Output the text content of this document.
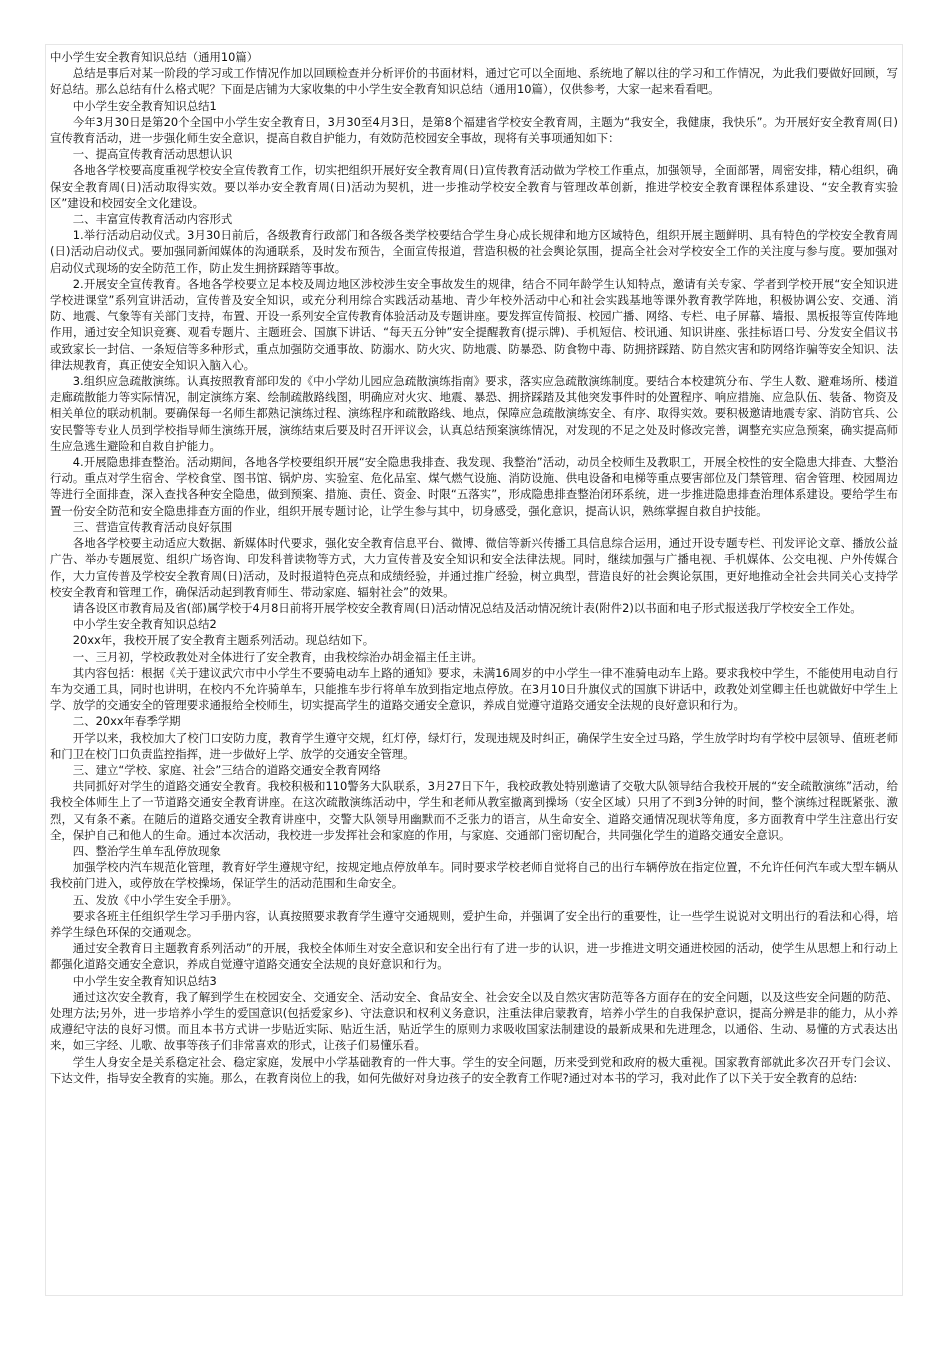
中小学生安全教育知识总结（通用10篇）

总结是事后对某一阶段的学习或工作情况作加以回顾检查并分析评价的书面材料，通过它可以全面地、系统地了解以往的学习和工作情况，为此我们要做好回顾，写好总结。那么总结有什么格式呢？下面是店铺为大家收集的中小学生安全教育知识总结（通用10篇），仅供参考，大家一起来看看吧。

中小学生安全教育知识总结1

今年3月30日是第20个全国中小学生安全教育日，3月30至4月3日，是第8个福建省学校安全教育周，主题为“我安全，我健康，我快乐”。为开展好安全教育周(日)宣传教育活动，进一步强化师生安全意识，提高自救自护能力，有效防范校园安全事故，现将有关事项通知如下：

一、提高宣传教育活动思想认识

各地各学校要高度重视学校安全宣传教育工作，切实把组织开展好安全教育周(日)宣传教育活动做为学校工作重点，加强领导，全面部署，周密安排，精心组织，确保安全教育周(日)活动取得实效。要以举办安全教育周(日)活动为契机，进一步推动学校安全教育与管理改革创新，推进学校安全教育课程体系建设、“安全教育实验区”建设和校园安全文化建设。

二、丰富宣传教育活动内容形式

1.举行活动启动仪式。3月30日前后，各级教育行政部门和各级各类学校要结合学生身心成长规律和地方区域特色，组织开展主题鲜明、具有特色的学校安全教育周(日)活动启动仪式。要加强同新闻媒体的沟通联系，及时发布预告，全面宣传报道，营造积极的社会舆论氛围，提高全社会对学校安全工作的关注度与参与度。要加强对启动仪式现场的安全防范工作，防止发生拥挤踩踏等事故。

2.开展安全宣传教育。各地各学校要立足本校及周边地区涉校涉生安全事故发生的规律，结合不同年龄学生认知特点，邀请有关专家、学者到学校开展“安全知识进学校进课堂”系列宣讲活动，宣传普及安全知识，或充分利用综合实践活动基地、青少年校外活动中心和社会实践基地等课外教育教学阵地，积极协调公安、交通、消防、地震、气象等有关部门支持，布置、开设一系列安全宣传教育体验活动及专题讲座。要发挥宣传简报、校园广播、网络、专栏、电子屏幕、墙报、黑板报等宣传阵地作用，通过安全知识竞赛、观看专题片、主题班会、国旗下讲话、“每天五分钟”安全提醒教育(提示牌)、手机短信、校讯通、知识讲座、张挂标语口号、分发安全倡议书或致家长一封信、一条短信等多种形式，重点加强防交通事故、防溺水、防火灾、防地震、防暴恐、防食物中毒、防拥挤踩踏、防自然灾害和防网络诈骗等安全知识、法律法规教育，真正使安全知识入脑入心。

3.组织应急疏散演练。认真按照教育部印发的《中小学幼儿园应急疏散演练指南》要求，落实应急疏散演练制度。要结合本校建筑分布、学生人数、避难场所、楼道走廊疏散能力等实际情况，制定演练方案、绘制疏散路线图，明确应对火灾、地震、暴恐、拥挤踩踏及其他突发事件时的处置程序、响应措施、应急队伍、装备、物资及相关单位的联动机制。要确保每一名师生都熟记演练过程、演练程序和疏散路线、地点，保障应急疏散演练安全、有序、取得实效。要积极邀请地震专家、消防官兵、公安民警等专业人员到学校指导师生演练开展，演练结束后要及时召开评议会，认真总结预案演练情况，对发现的不足之处及时修改完善，调整充实应急预案，确实提高师生应急逃生避险和自救自护能力。

4.开展隐患排查整治。活动期间，各地各学校要组织开展“安全隐患我排查、我发现、我整治”活动，动员全校师生及教职工，开展全校性的安全隐患大排查、大整治行动。重点对学生宿舍、学校食堂、图书馆、锅炉房、实验室、危化品室、煤气燃气设施、消防设施、供电设备和电梯等重点要害部位及门禁管理、宿舍管理、校园周边等进行全面排查，深入查找各种安全隐患，做到预案、措施、责任、资金、时限“五落实”，形成隐患排查整治闭环系统，进一步推进隐患排查治理体系建设。要给学生布置一份安全防范和安全隐患排查方面的作业，组织开展专题讨论，让学生参与其中，切身感受，强化意识，提高认识，熟练掌握自救自护技能。

三、营造宣传教育活动良好氛围

各地各学校要主动适应大数据、新媒体时代要求，强化安全教育信息平台、微博、微信等新兴传播工具信息综合运用，通过开设专题专栏、刊发评论文章、播放公益广告、举办专题展览、组织广场咨询、印发科普读物等方式，大力宣传普及安全知识和安全法律法规。同时，继续加强与广播电视、手机媒体、公交电视、户外传媒合作，大力宣传普及学校安全教育周(日)活动，及时报道特色亮点和成绩经验，并通过推广经验，树立典型，营造良好的社会舆论氛围，更好地推动全社会共同关心支持学校安全教育和管理工作，确保活动起到教育师生、带动家庭、辐射社会”的效果。

请各设区市教育局及省(部)属学校于4月8日前将开展学校安全教育周(日)活动情况总结及活动情况统计表(附件2)以书面和电子形式报送我厅学校安全工作处。

中小学生安全教育知识总结2

20xx年，我校开展了安全教育主题系列活动。现总结如下。

一、三月初，学校政教处对全体进行了安全教育，由我校综治办胡金福主任主讲。

其内容包括：根据《关于建议武穴市中小学生不要骑电动车上路的通知》要求，未满16周岁的中小学生一律不准骑电动车上路。要求我校中学生，不能使用电动自行车为交通工具，同时也讲明，在校内不允许骑单车，只能推车步行将单车放到指定地点停放。在3月10日升旗仪式的国旗下讲话中，政教处刘堂卿主任也就做好中学生上学、放学的交通安全的管理要求通报给全校师生，切实提高学生的道路交通安全意识，养成自觉遵守道路交通安全法规的良好意识和行为。

二、20xx年春季学期

开学以来，我校加大了校门口安防力度，教育学生遵守交规，红灯停，绿灯行，发现违规及时纠正，确保学生安全过马路，学生放学时均有学校中层领导、值班老师和门卫在校门口负责监控指挥，进一步做好上学、放学的交通安全管理。

三、建立“学校、家庭、社会”三结合的道路交通安全教育网络

共同抓好对学生的道路交通安全教育。我校积极和110警务大队联系，3月27日下午，我校政教处特别邀请了交敬大队领导结合我校开展的“安全疏散演练”活动，给我校全体师生上了一节道路交通安全教育讲座。在这次疏散演练活动中，学生和老师从教室撤离到操场（安全区域）只用了不到3分钟的时间，整个演练过程既紧张、激烈，又有条不紊。在随后的道路交通安全教育讲座中，交警大队领导用幽默而不乏张力的语言，从生命安全、道路交通情况现状等角度，多方面教育中学生注意出行安全，保护自己和他人的生命。通过本次活动，我校进一步发挥社会和家庭的作用，与家庭、交通部门密切配合，共同强化学生的道路交通安全意识。

四、整治学生单车乱停放现象

加强学校内汽车规范化管理，教育好学生遵规守纪，按规定地点停放单车。同时要求学校老师自觉将自己的出行车辆停放在指定位置，不允许任何汽车或大型车辆从我校前门进入，或停放在学校操场，保证学生的活动范围和生命安全。

五、发放《中小学生安全手册》。

要求各班主任组织学生学习手册内容，认真按照要求教育学生遵守交通规则，爱护生命，并强调了安全出行的重要性，让一些学生说说对文明出行的看法和心得，培养学生绿色环保的交通观念。

通过安全教育日主题教育系列活动”的开展，我校全体师生对安全意识和安全出行有了进一步的认识，进一步推进文明交通进校园的活动，使学生从思想上和行动上都强化道路交通安全意识，养成自觉遵守道路交通安全法规的良好意识和行为。

中小学生安全教育知识总结3

通过这次安全教育，我了解到学生在校园安全、交通安全、活动安全、食品安全、社会安全以及自然灾害防范等各方面存在的安全问题，以及这些安全问题的防范、处理方法;另外，进一步培养小学生的爱国意识(包括爱家乡)、守法意识和权利义务意识，注重法律启蒙教育，培养小学生的自我保护意识，提高分辨是非的能力，从小养成遵纪守法的良好习惯。而且本书方式讲一步贴近实际、贴近生活，贴近学生的原则力求吸收国家法制建设的最新成果和先进理念，以通俗、生动、易懂的方式表达出来，如三字经、儿歌、故事等孩子们非常喜欢的形式，让孩子们易懂乐看。

学生人身安全是关系稳定社会、稳定家庭，发展中小学基础教育的一件大事。学生的安全问题，历来受到党和政府的极大重视。国家教育部就此多次召开专门会议、下达文件，指导安全教育的实施。那么，在教育岗位上的我，如何先做好对身边孩子的安全教育工作呢?通过对本书的学习，我对此作了以下关于安全教育的总结:
